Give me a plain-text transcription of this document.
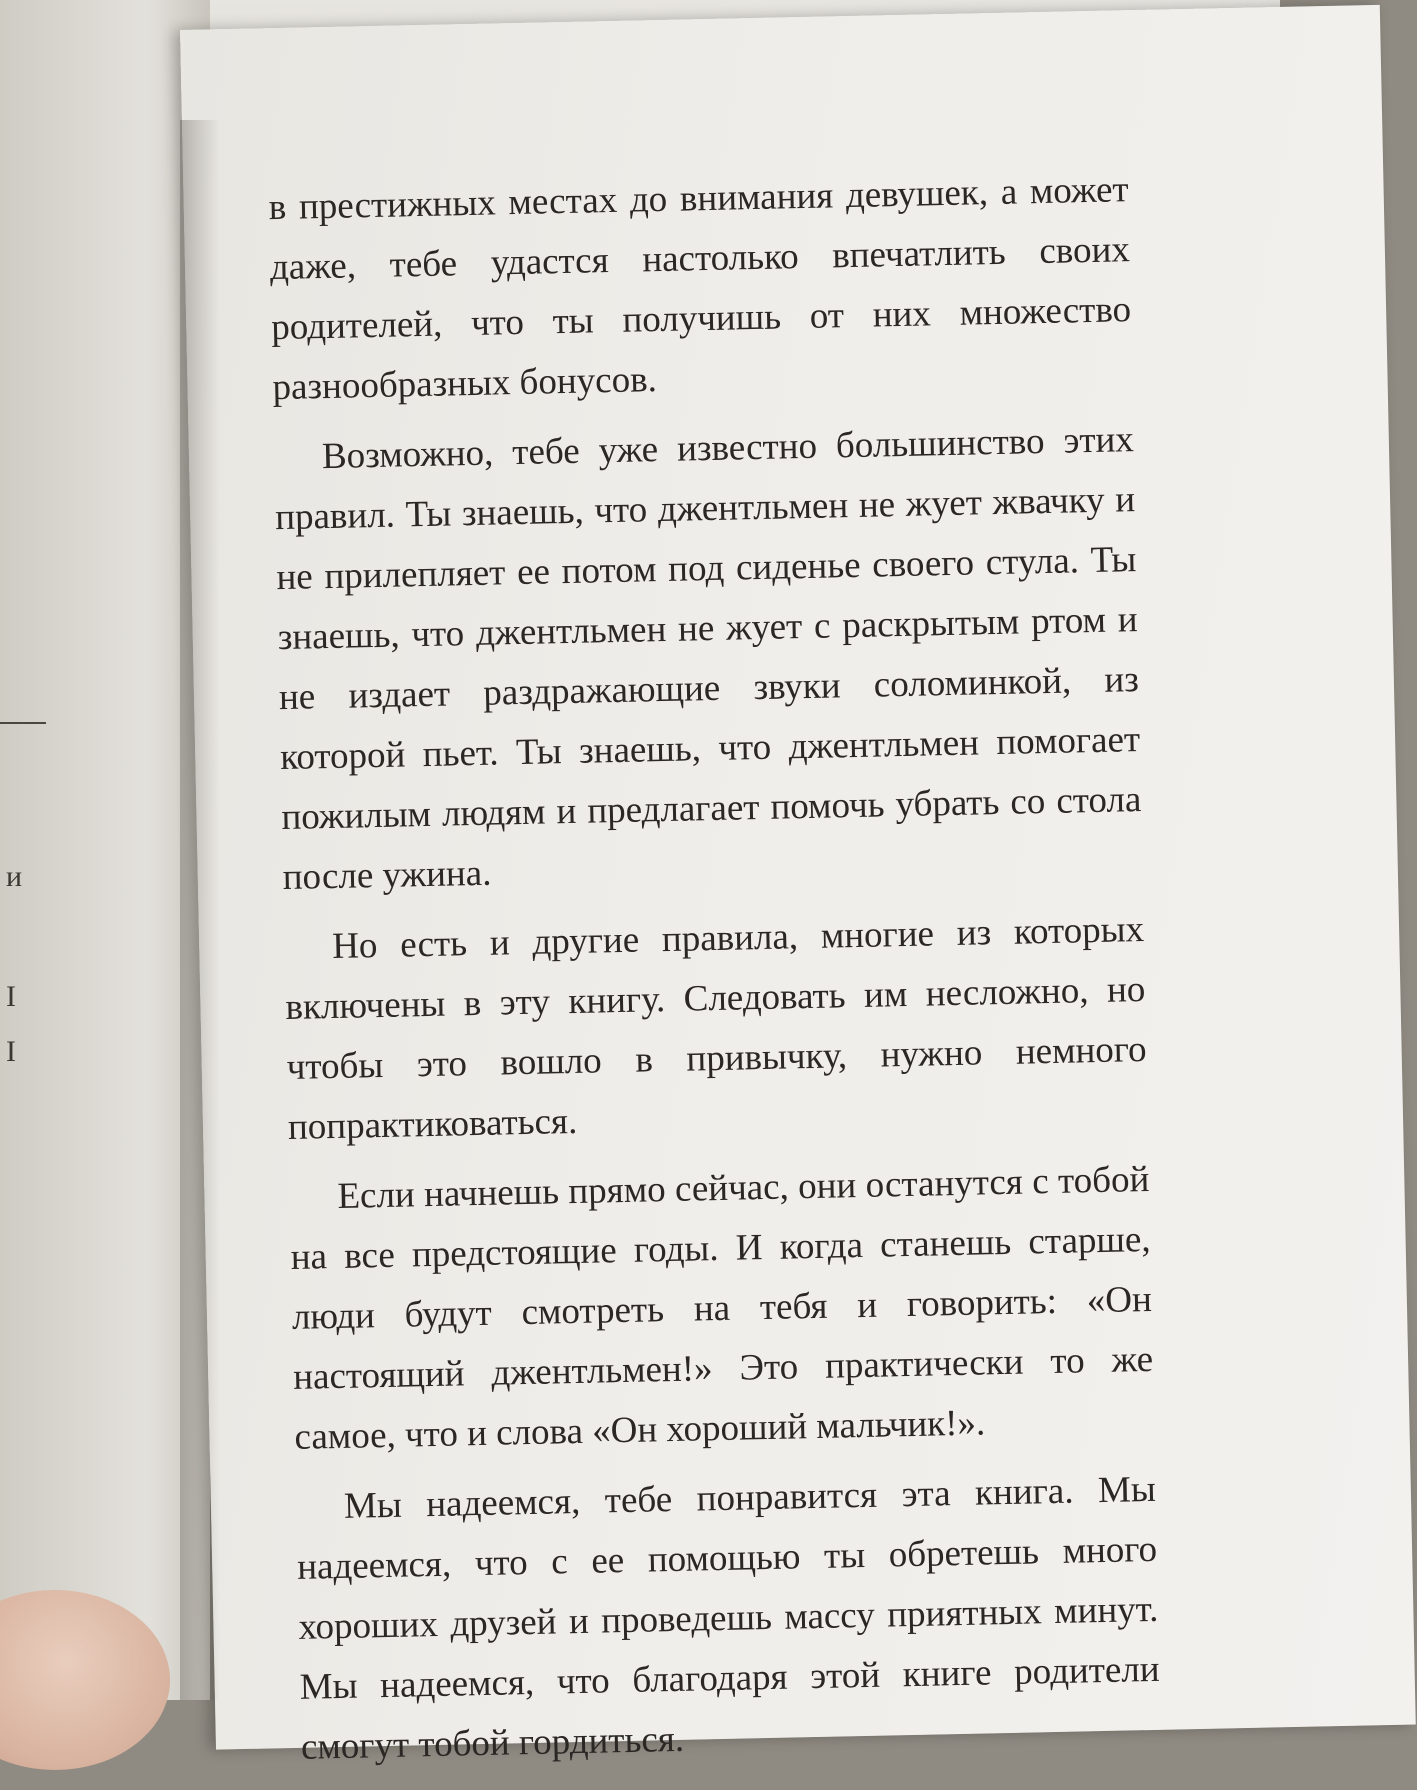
и
I
I

в престижных местах до внимания девушек, а может даже, тебе удастся настолько впечатлить своих родителей, что ты получишь от них множество разнообразных бонусов.

Возможно, тебе уже известно большинство этих правил. Ты знаешь, что джентльмен не жует жвачку и не прилепляет ее потом под сиденье своего стула. Ты знаешь, что джентльмен не жует с раскрытым ртом и не издает раздражающие звуки соломинкой, из которой пьет. Ты знаешь, что джентльмен помогает пожилым людям и предлагает помочь убрать со стола после ужина.

Но есть и другие правила, многие из которых включены в эту книгу. Следовать им несложно, но чтобы это вошло в привычку, нужно немного попрактиковаться.

Если начнешь прямо сейчас, они останутся с тобой на все предстоящие годы. И когда станешь старше, люди будут смотреть на тебя и говорить: «Он настоящий джентльмен!» Это практически то же самое, что и слова «Он хороший мальчик!».

Мы надеемся, тебе понравится эта книга. Мы надеемся, что с ее помощью ты обретешь много хороших друзей и проведешь массу приятных минут. Мы надеемся, что благодаря этой книге родители смогут тобой гордиться.
